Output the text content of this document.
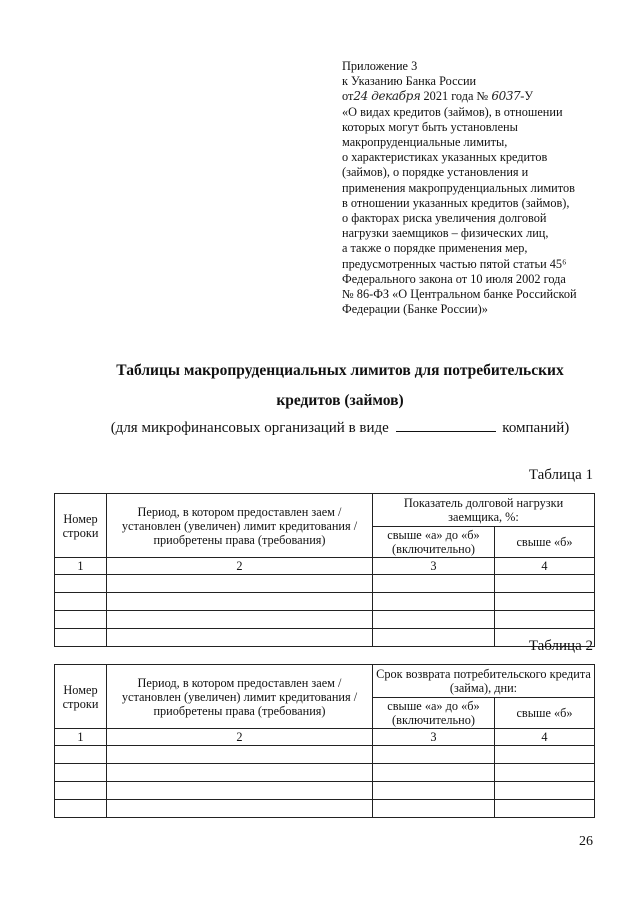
Приложение 3
к Указанию Банка России
от24 декабря 2021 года № 6037-У
«О видах кредитов (займов), в отношении
которых могут быть установлены
макропруденциальные лимиты,
о характеристиках указанных кредитов
(займов), о порядке установления и
применения макропруденциальных лимитов
в отношении указанных кредитов (займов),
о факторах риска увеличения долговой
нагрузки заемщиков – физических лиц,
а также о порядке применения мер,
предусмотренных частью пятой статьи 45⁶
Федерального закона от 10 июля 2002 года
№ 86-ФЗ «О Центральном банке Российской
Федерации (Банке России)»
Таблицы макропруденциальных лимитов для потребительских
кредитов (займов)
(для микрофинансовых организаций в виде	компаний)
Таблица 1
Номер строки	Период, в котором предоставлен заем / установлен (увеличен) лимит кредитования / приобретены права (требования)	Показатель долговой нагрузки заемщика, %:	
		свыше «а» до «б» (включительно)	свыше «б»
1	2	3	4

Таблица 2
Номер строки	Период, в котором предоставлен заем / установлен (увеличен) лимит кредитования / приобретены права (требования)	Срок возврата потребительского кредита (займа), дни:	
		свыше «а» до «б» (включительно)	свыше «б»
1	2	3	4

26
